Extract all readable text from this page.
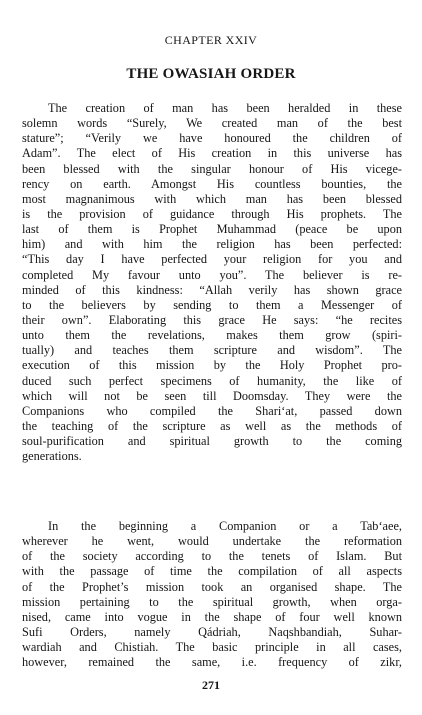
CHAPTER XXIV
THE OWASIAH ORDER

The creation of man has been heralded in these
solemn words “Surely, We created man of the best
stature”; “Verily we have honoured the children of
Adam”. The elect of His creation in this universe has
been blessed with the singular honour of His vicege-
rency on earth. Amongst His countless bounties, the
most magnanimous with which man has been blessed
is the provision of guidance through His prophets. The
last of them is Prophet Muhammad (peace be upon
him) and with him the religion has been perfected:
“This day I have perfected your religion for you and
completed My favour unto you”. The believer is re-
minded of this kindness: “Allah verily has shown grace
to the believers by sending to them a Messenger of
their own”. Elaborating this grace He says: “he recites
unto them the revelations, makes them grow (spiri-
tually) and teaches them scripture and wisdom”. The
execution of this mission by the Holy Prophet pro-
duced such perfect specimens of humanity, the like of
which will not be seen till Doomsday. They were the
Companions who compiled the Shari‘at, passed down
the teaching of the scripture as well as the methods of
soul-purification and spiritual growth to the coming
generations.

In the beginning a Companion or a Tab‘aee,
wherever he went, would undertake the reformation
of the society according to the tenets of Islam. But
with the passage of time the compilation of all aspects
of the Prophet’s mission took an organised shape. The
mission pertaining to the spiritual growth, when orga-
nised, came into vogue in the shape of four well known
Sufi Orders, namely Qádriah, Naqshbandiah, Suhar-
wardiah and Chistiah. The basic principle in all cases,
however, remained the same, i.e. frequency of zikr,

271
